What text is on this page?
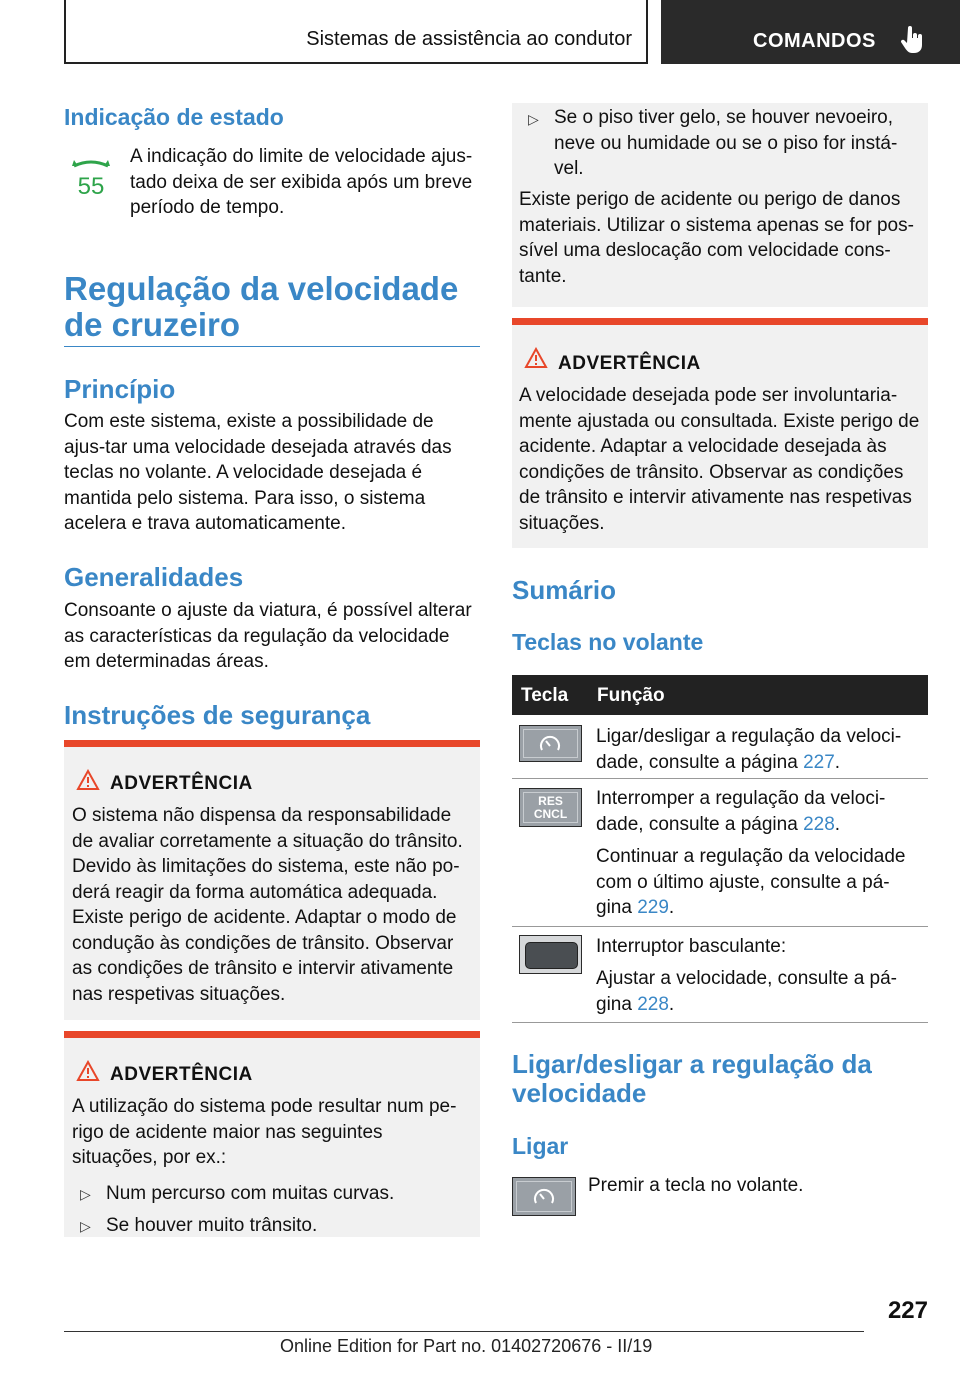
Sistemas de assistência ao condutor	COMANDOS
Indicação de estado
55

A indicação do limite de velocidade ajus-tado deixa de ser exibida após um breve período de tempo.

Regulação da velocidade
de cruzeiro
Princípio

Com este sistema, existe a possibilidade de ajus-tar uma velocidade desejada através das teclas no volante. A velocidade desejada é mantida pelo sistema. Para isso, o sistema acelera e trava automaticamente.

Generalidades

Consoante o ajuste da viatura, é possível alterar as características da regulação da velocidade em determinadas áreas.

Instruções de segurança
ADVERTÊNCIA

O sistema não dispensa da responsabilidade de avaliar corretamente a situação do trânsito. Devido às limitações do sistema, este não po-derá reagir da forma automática adequada. Existe perigo de acidente. Adaptar o modo de condução às condições de trânsito. Observar as condições de trânsito e intervir ativamente nas respetivas situações.

ADVERTÊNCIA

A utilização do sistema pode resultar num pe-rigo de acidente maior nas seguintes situações, por ex.:

▷ Num percurso com muitas curvas.

▷ Se houver muito trânsito.

▷ Se o piso tiver gelo, se houver nevoeiro, neve ou humidade ou se o piso for instá-vel.

Existe perigo de acidente ou perigo de danos materiais. Utilizar o sistema apenas se for pos-sível uma deslocação com velocidade cons-tante.

ADVERTÊNCIA

A velocidade desejada pode ser involuntaria-mente ajustada ou consultada. Existe perigo de acidente. Adaptar a velocidade desejada às condições de trânsito. Observar as condições de trânsito e intervir ativamente nas respetivas situações.

Sumário
Teclas no volante
Tecla Função

Ligar/desligar a regulação da veloci-dade, consulte a página 227.

RES
CNCL

Interromper a regulação da veloci-dade, consulte a página 228.

Continuar a regulação da velocidade com o último ajuste, consulte a pá-gina 229.

Interruptor basculante:

Ajustar a velocidade, consulte a pá-gina 228.

Ligar/desligar a regulação da
velocidade
Ligar

Premir a tecla no volante.

227
Online Edition for Part no. 01402720676 - II/19
